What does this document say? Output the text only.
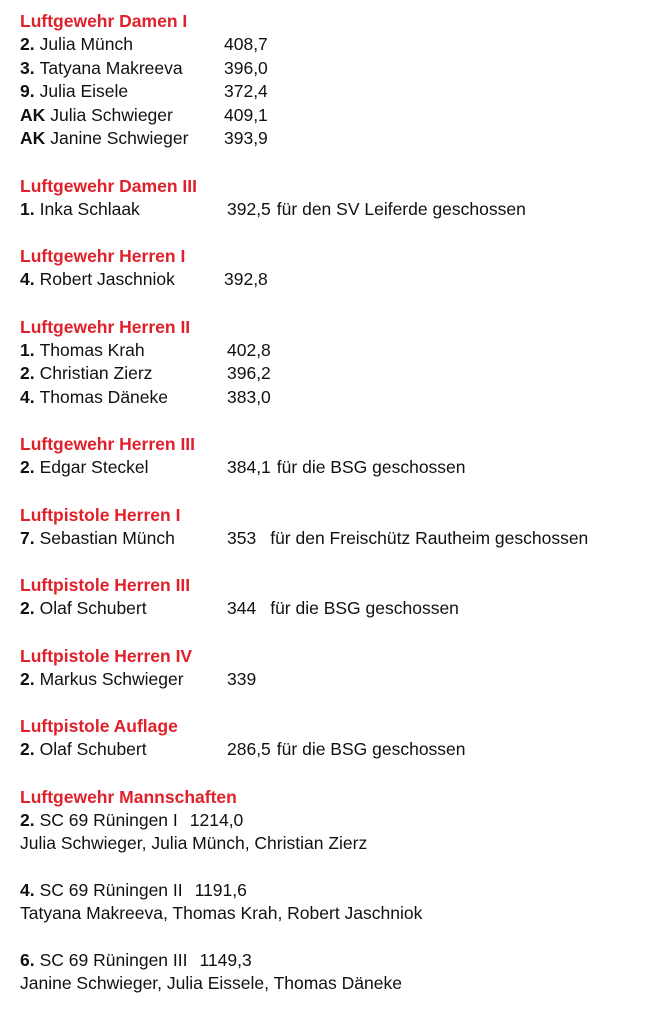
Luftgewehr Damen I
2. Julia Münch	408,7
3. Tatyana Makreeva 396,0
9. Julia Eisele	372,4
AK Julia Schwieger	409,1
AK Janine Schwieger 393,9
Luftgewehr Damen III
1. Inka Schlaak	392,5 für den SV Leiferde geschossen
Luftgewehr Herren I
4. Robert Jaschniok	392,8
Luftgewehr Herren II
1. Thomas Krah	402,8
2. Christian Zierz	396,2
4. Thomas Däneke	383,0
Luftgewehr Herren III
2. Edgar Steckel	384,1 für die BSG geschossen
Luftpistole Herren I
7. Sebastian Münch	353 für den Freischütz Rautheim geschossen
Luftpistole Herren III
2. Olaf Schubert	344 für die BSG geschossen
Luftpistole Herren IV
2. Markus Schwieger 339
Luftpistole Auflage
2. Olaf Schubert	286,5 für die BSG geschossen
Luftgewehr Mannschaften
2. SC 69 Rüningen I 1214,0
Julia Schwieger, Julia Münch, Christian Zierz
4. SC 69 Rüningen II 1191,6
Tatyana Makreeva, Thomas Krah, Robert Jaschniok
6. SC 69 Rüningen III 1149,3
Janine Schwieger, Julia Eissele, Thomas Däneke
